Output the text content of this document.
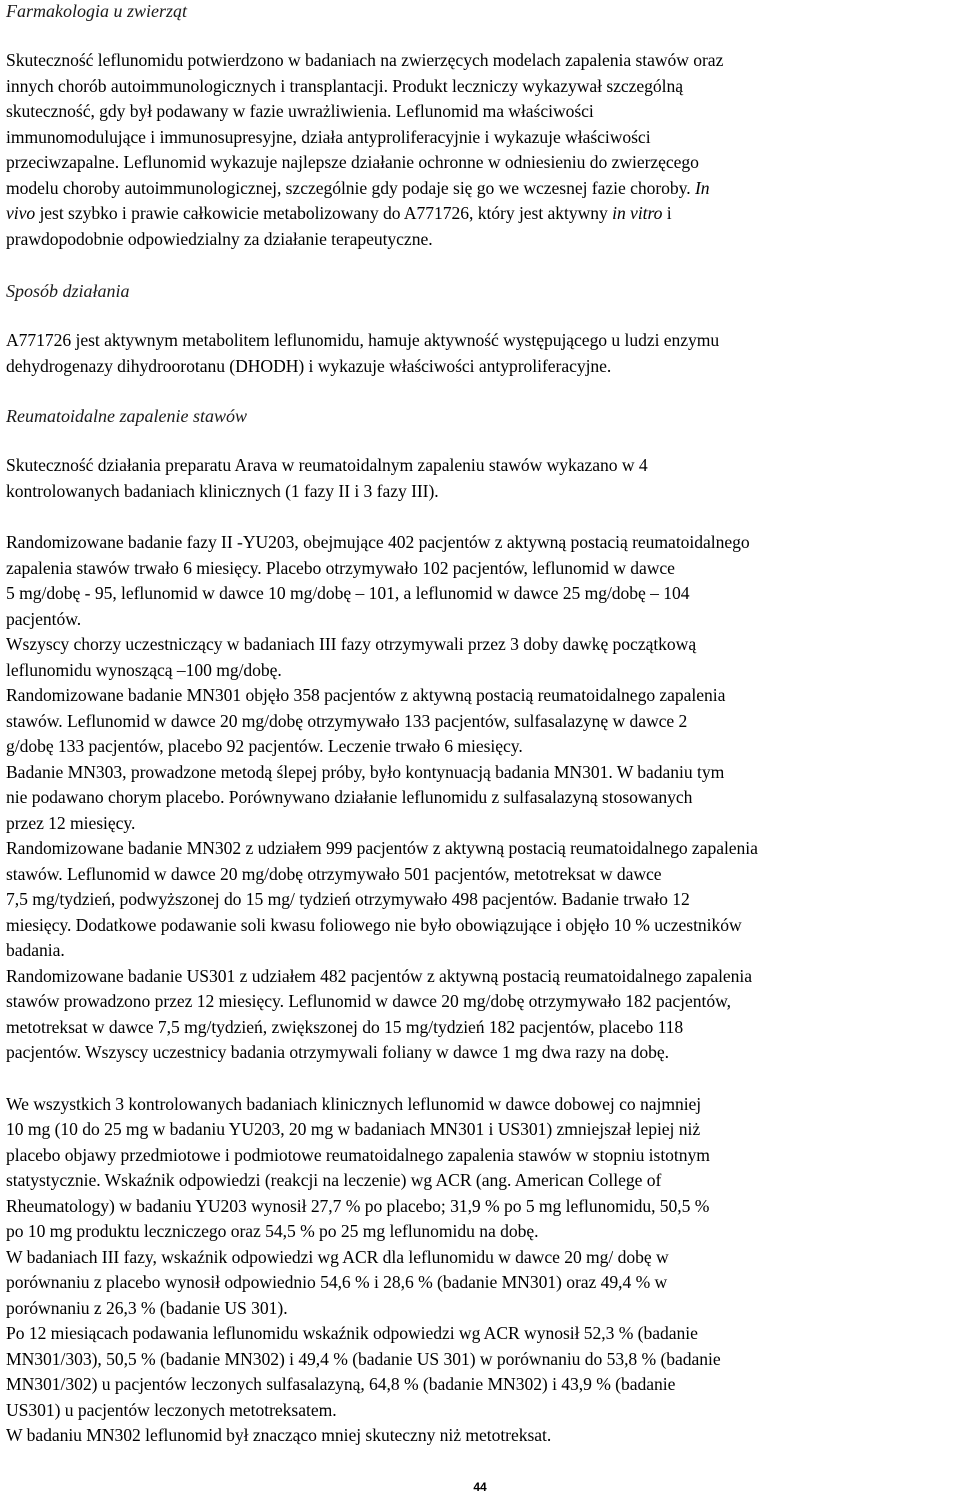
Farmakologia u zwierząt

Skuteczność leflunomidu potwierdzono w badaniach na zwierzęcych modelach zapalenia stawów oraz
innych chorób autoimmunologicznych i transplantacji. Produkt leczniczy wykazywał szczególną
skuteczność, gdy był podawany w fazie uwrażliwienia. Leflunomid ma właściwości
immunomodulujące i immunosupresyjne, działa antyproliferacyjnie i wykazuje właściwości
przeciwzapalne. Leflunomid wykazuje najlepsze działanie ochronne w odniesieniu do zwierzęcego
modelu choroby autoimmunologicznej, szczególnie gdy podaje się go we wczesnej fazie choroby. In
vivo jest szybko i prawie całkowicie metabolizowany do A771726, który jest aktywny in vitro i
prawdopodobnie odpowiedzialny za działanie terapeutyczne.

Sposób działania

A771726 jest aktywnym metabolitem leflunomidu, hamuje aktywność występującego u ludzi enzymu
dehydrogenazy dihydroorotanu (DHODH) i wykazuje właściwości antyproliferacyjne.

Reumatoidalne zapalenie stawów

Skuteczność działania preparatu Arava w reumatoidalnym zapaleniu stawów wykazano w 4
kontrolowanych badaniach klinicznych (1 fazy II i 3 fazy III).

Randomizowane badanie fazy II -YU203, obejmujące 402 pacjentów z aktywną postacią reumatoidalnego
zapalenia stawów trwało 6 miesięcy. Placebo otrzymywało 102 pacjentów, leflunomid w dawce
5 mg/dobę - 95, leflunomid w dawce 10 mg/dobę – 101, a leflunomid w dawce 25 mg/dobę – 104
pacjentów.
Wszyscy chorzy uczestniczący w badaniach III fazy otrzymywali przez 3 doby dawkę początkową
leflunomidu wynoszącą –100 mg/dobę.
Randomizowane badanie MN301 objęło 358 pacjentów z aktywną postacią reumatoidalnego zapalenia
stawów. Leflunomid w dawce 20 mg/dobę otrzymywało 133 pacjentów, sulfasalazynę w dawce 2
g/dobę 133 pacjentów, placebo 92 pacjentów. Leczenie trwało 6 miesięcy.
Badanie MN303, prowadzone metodą ślepej próby, było kontynuacją badania MN301. W badaniu tym
nie podawano chorym placebo. Porównywano działanie leflunomidu z sulfasalazyną stosowanych
przez 12 miesięcy.
Randomizowane badanie MN302 z udziałem 999 pacjentów z aktywną postacią reumatoidalnego zapalenia
stawów. Leflunomid w dawce 20 mg/dobę otrzymywało 501 pacjentów, metotreksat w dawce
7,5 mg/tydzień, podwyższonej do 15 mg/ tydzień otrzymywało 498 pacjentów. Badanie trwało 12
miesięcy. Dodatkowe podawanie soli kwasu foliowego nie było obowiązujące i objęło 10 % uczestników
badania.
Randomizowane badanie US301 z udziałem 482 pacjentów z aktywną postacią reumatoidalnego zapalenia
stawów prowadzono przez 12 miesięcy. Leflunomid w dawce 20 mg/dobę otrzymywało 182 pacjentów,
metotreksat w dawce 7,5 mg/tydzień, zwiększonej do 15 mg/tydzień 182 pacjentów, placebo 118
pacjentów. Wszyscy uczestnicy badania otrzymywali foliany w dawce 1 mg dwa razy na dobę.

We wszystkich 3 kontrolowanych badaniach klinicznych leflunomid w dawce dobowej co najmniej
10 mg (10 do 25 mg w badaniu YU203, 20 mg w badaniach MN301 i US301) zmniejszał lepiej niż
placebo objawy przedmiotowe i podmiotowe reumatoidalnego zapalenia stawów w stopniu istotnym
statystycznie. Wskaźnik odpowiedzi (reakcji na leczenie) wg ACR (ang. American College of
Rheumatology) w badaniu YU203 wynosił 27,7 % po placebo; 31,9 % po 5 mg leflunomidu, 50,5 %
po 10 mg produktu leczniczego oraz 54,5 % po 25 mg leflunomidu na dobę.
W badaniach III fazy, wskaźnik odpowiedzi wg ACR dla leflunomidu w dawce 20 mg/ dobę w
porównaniu z placebo wynosił odpowiednio 54,6 % i 28,6 % (badanie MN301) oraz 49,4 % w
porównaniu z 26,3 % (badanie US 301).
Po 12 miesiącach podawania leflunomidu wskaźnik odpowiedzi wg ACR wynosił 52,3 % (badanie
MN301/303), 50,5 % (badanie MN302) i 49,4 % (badanie US 301) w porównaniu do 53,8 % (badanie
MN301/302) u pacjentów leczonych sulfasalazyną, 64,8 % (badanie MN302) i 43,9 % (badanie
US301) u pacjentów leczonych metotreksatem.
W badaniu MN302 leflunomid był znacząco mniej skuteczny niż metotreksat.

44
